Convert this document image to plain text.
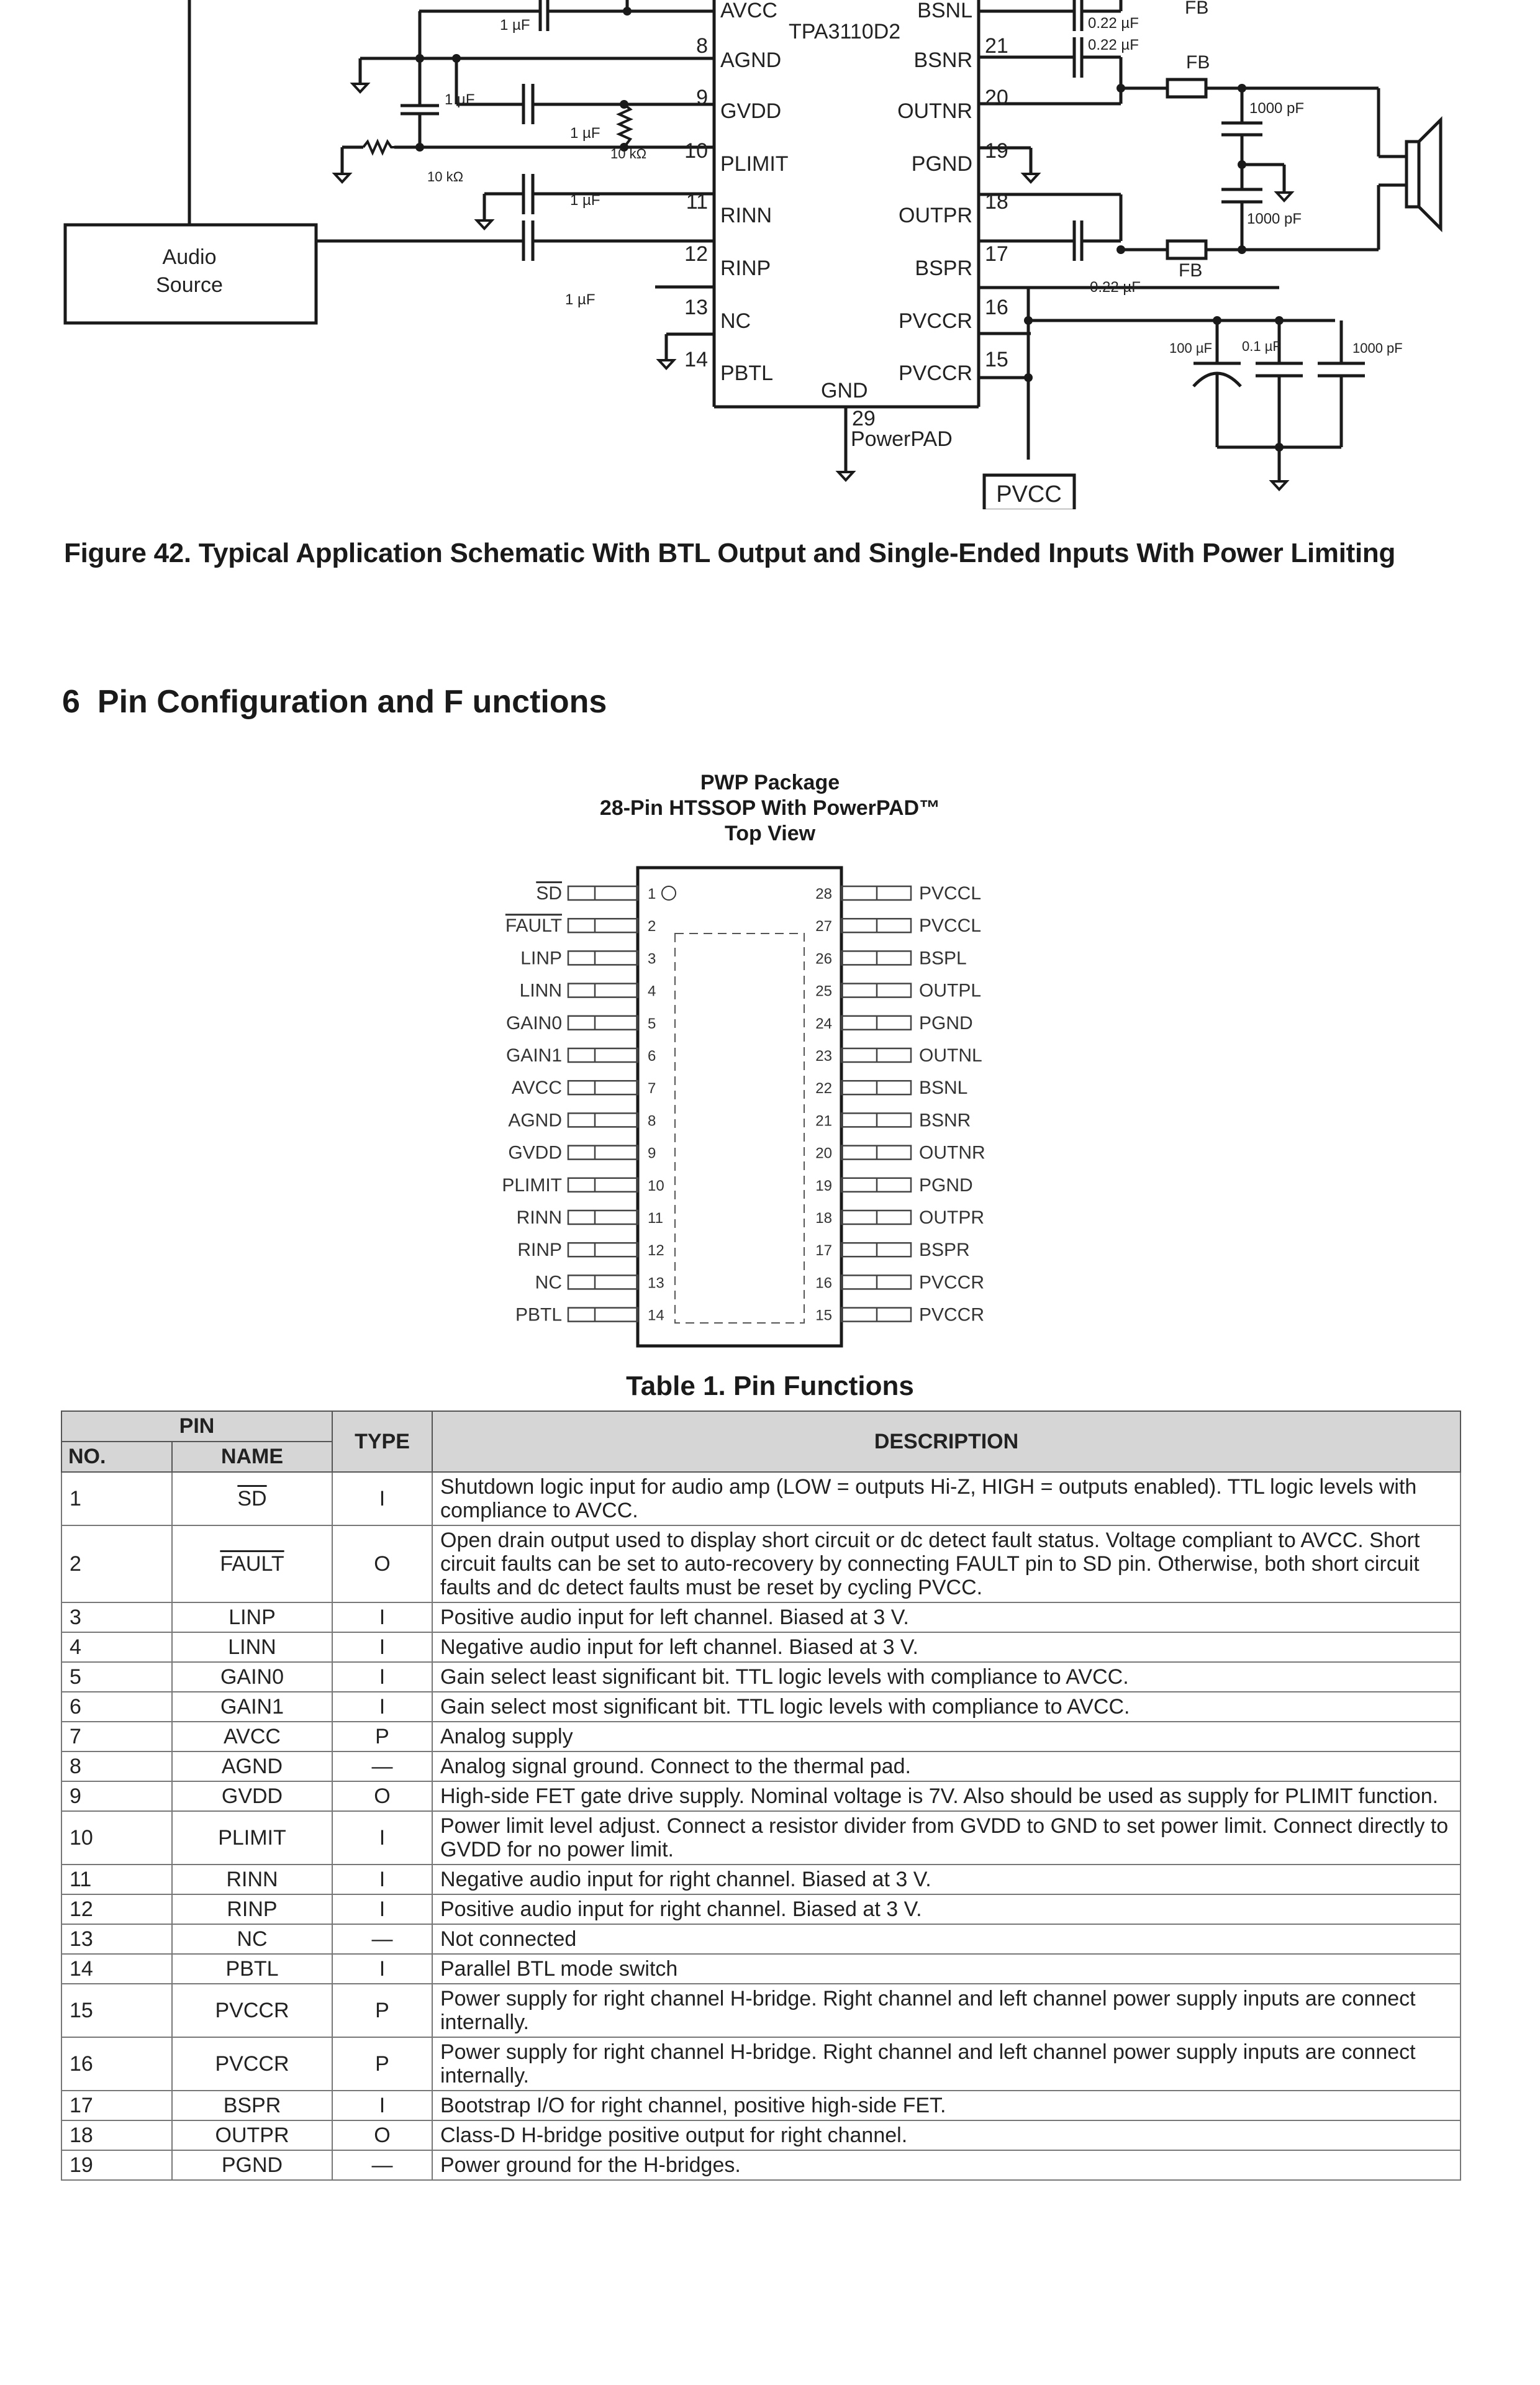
Audio
Source
TPA3110D2
AVCC
AGND
GVDD
PLIMIT
RINN
RINP
NC
PBTL
8
9
10
11
12
13
14
BSNL
BSNR
OUTNR
PGND
OUTPR
BSPR
PVCCR
PVCCR
21
20
19
18
17
16
15
GND
29
PowerPAD
PVCC
1 µF
1 µF
1 µF
10 kΩ
10 kΩ
1 µF
1 µF
0.22 µF
0.22 µF
0.22 µF
FB
FB
FB
1000 pF
1000 pF
100 µF 0.1 µF	1000 pF
Figure 42. Typical Application Schematic With BTL Output and Single-Ended Inputs With Power Limiting
6 Pin Configuration and F unctions
PWP Package
28-Pin HTSSOP With PowerPAD™
Top View
SD	1
FAULT	2
LINP	3
LINN	4
GAIN0	5
GAIN1	6
AVCC	7
AGND	8
GVDD	9
PLIMIT	10
RINN	11
RINP	12
NC	13
PBTL	14
PVCCL
28
PVCCL
27
BSPL
26
OUTPL
25
PGND
24
OUTNL
23
BSNL
22
BSNR
21
OUTNR
20
PGND
19
OUTPR
18
BSPR
17
PVCCR
16
PVCCR
15
Table 1. Pin Functions
PIN		TYPE	DESCRIPTION
NO.	NAME		
1	$\overline{SD}$	I	Shutdown logic input for audio amp (LOW = outputs Hi-Z, HIGH = outputs enabled). TTL logic levels with compliance to AVCC.
2	FAULT	O	Open drain output used to display short circuit or dc detect fault status. Voltage compliant to AVCC. Short circuit faults can be set to auto-recovery by connecting FAULT pin to SD pin. Otherwise, both short circuit faults and dc detect faults must be reset by cycling PVCC.
3	LINP	I	Positive audio input for left channel. Biased at 3 V.
4	LINN	I	Negative audio input for left channel. Biased at 3 V.
5	GAIN0	I	Gain select least significant bit. TTL logic levels with compliance to AVCC.
6	GAIN1	I	Gain select most significant bit. TTL logic levels with compliance to AVCC.
7	AVCC	P	Analog supply
8	AGND	—	Analog signal ground. Connect to the thermal pad.
9	GVDD	O	High-side FET gate drive supply. Nominal voltage is 7V. Also should be used as supply for PLIMIT function.
10	PLIMIT	I	Power limit level adjust. Connect a resistor divider from GVDD to GND to set power limit. Connect directly to GVDD for no power limit.
11	RINN	I	Negative audio input for right channel. Biased at 3 V.
12	RINP	I	Positive audio input for right channel. Biased at 3 V.
13	NC	—	Not connected
14	PBTL	I	Parallel BTL mode switch
15	PVCCR	P	Power supply for right channel H-bridge. Right channel and left channel power supply inputs are connect internally.
16	PVCCR	P	Power supply for right channel H-bridge. Right channel and left channel power supply inputs are connect internally.
17	BSPR	I	Bootstrap I/O for right channel, positive high-side FET.
18	OUTPR	O	Class-D H-bridge positive output for right channel.
19	PGND	—	Power ground for the H-bridges.
